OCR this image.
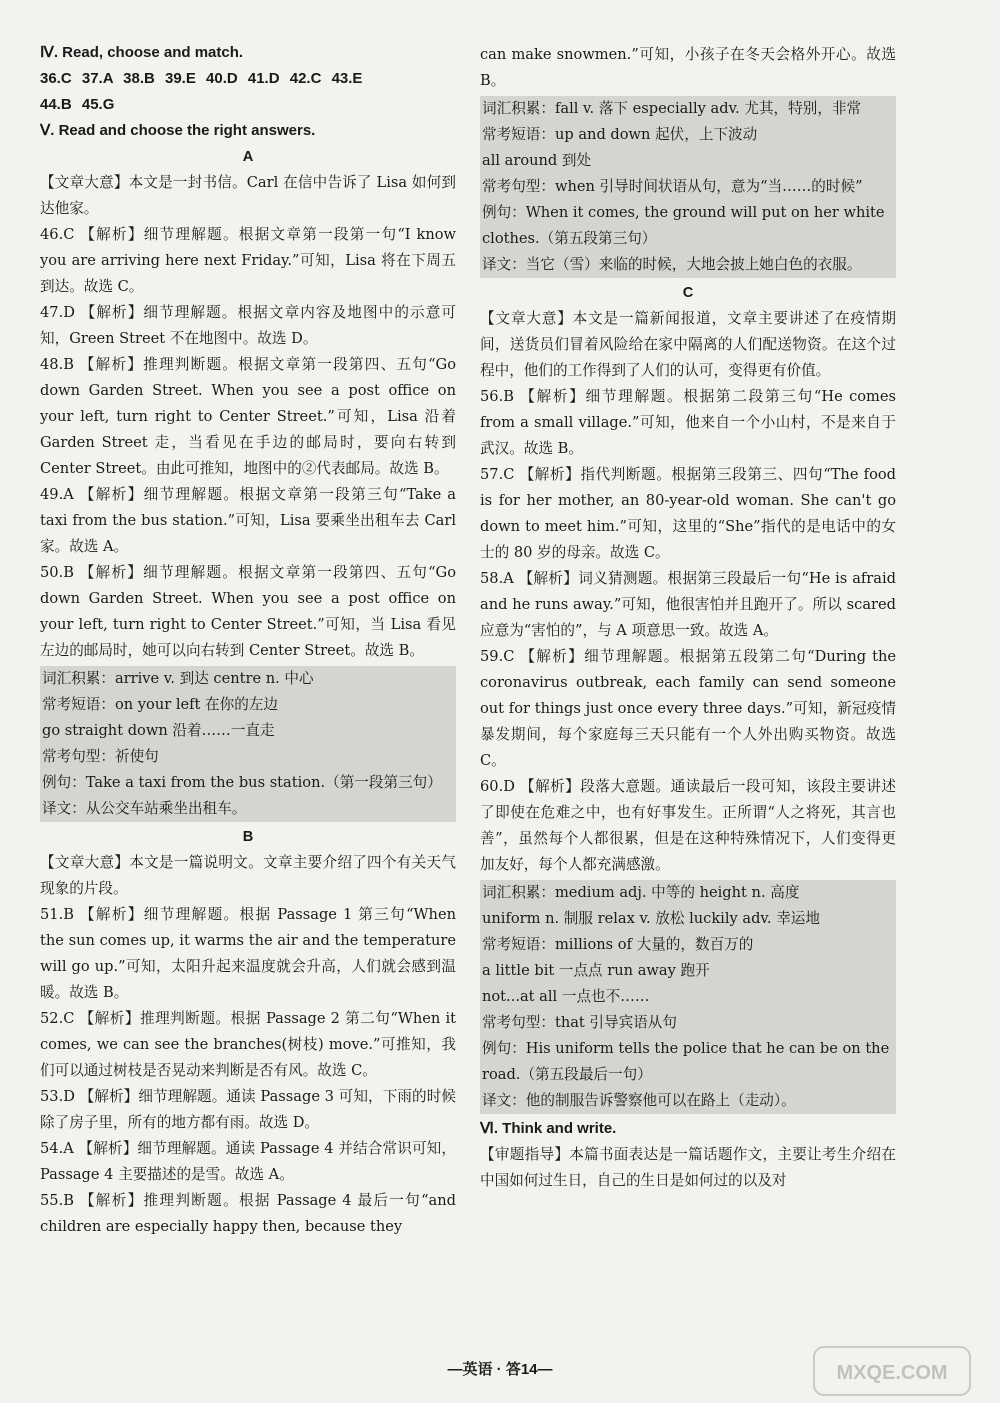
Ⅳ. Read, choose and match.
36.C 37.A 38.B 39.E 40.D 41.D 42.C 43.E
44.B 45.G
Ⅴ. Read and choose the right answers.
A

【文章大意】本文是一封书信。Carl 在信中告诉了 Lisa 如何到达他家。

46.C 【解析】细节理解题。根据文章第一段第一句“I know you are arriving here next Friday.”可知，Lisa 将在下周五到达。故选 C。

47.D 【解析】细节理解题。根据文章内容及地图中的示意可知，Green Street 不在地图中。故选 D。

48.B 【解析】推理判断题。根据文章第一段第四、五句“Go down Garden Street. When you see a post office on your left, turn right to Center Street.”可知，Lisa 沿着 Garden Street 走，当看见在手边的邮局时，要向右转到 Center Street。由此可推知，地图中的②代表邮局。故选 B。

49.A 【解析】细节理解题。根据文章第一段第三句“Take a taxi from the bus station.”可知，Lisa 要乘坐出租车去 Carl 家。故选 A。

50.B 【解析】细节理解题。根据文章第一段第四、五句“Go down Garden Street. When you see a post office on your left, turn right to Center Street.”可知，当 Lisa 看见左边的邮局时，她可以向右转到 Center Street。故选 B。

词汇积累：arrive v. 到达 centre n. 中心
常考短语：on your left 在你的左边
go straight down 沿着……一直走
常考句型：祈使句
例句：Take a taxi from the bus station.（第一段第三句）
译文：从公交车站乘坐出租车。
B

【文章大意】本文是一篇说明文。文章主要介绍了四个有关天气现象的片段。

51.B 【解析】细节理解题。根据 Passage 1 第三句“When the sun comes up, it warms the air and the temperature will go up.”可知，太阳升起来温度就会升高，人们就会感到温暖。故选 B。

52.C 【解析】推理判断题。根据 Passage 2 第二句“When it comes, we can see the branches(树枝) move.”可推知，我们可以通过树枝是否晃动来判断是否有风。故选 C。

53.D 【解析】细节理解题。通读 Passage 3 可知，下雨的时候除了房子里，所有的地方都有雨。故选 D。

54.A 【解析】细节理解题。通读 Passage 4 并结合常识可知，Passage 4 主要描述的是雪。故选 A。

55.B 【解析】推理判断题。根据 Passage 4 最后一句“and children are especially happy then, because they

can make snowmen.”可知，小孩子在冬天会格外开心。故选 B。

词汇积累：fall v. 落下 especially adv. 尤其，特别，非常
常考短语：up and down 起伏，上下波动
all around 到处
常考句型：when 引导时间状语从句，意为“当……的时候”
例句：When it comes, the ground will put on her white clothes.（第五段第三句）
译文：当它（雪）来临的时候，大地会披上她白色的衣服。
C

【文章大意】本文是一篇新闻报道，文章主要讲述了在疫情期间，送货员们冒着风险给在家中隔离的人们配送物资。在这个过程中，他们的工作得到了人们的认可，变得更有价值。

56.B 【解析】细节理解题。根据第二段第三句“He comes from a small village.”可知，他来自一个小山村，不是来自于武汉。故选 B。

57.C 【解析】指代判断题。根据第三段第三、四句“The food is for her mother, an 80-year-old woman. She can't go down to meet him.”可知，这里的“She”指代的是电话中的女士的 80 岁的母亲。故选 C。

58.A 【解析】词义猜测题。根据第三段最后一句“He is afraid and he runs away.”可知，他很害怕并且跑开了。所以 scared 应意为“害怕的”，与 A 项意思一致。故选 A。

59.C 【解析】细节理解题。根据第五段第二句“During the coronavirus outbreak, each family can send someone out for things just once every three days.”可知，新冠疫情暴发期间，每个家庭每三天只能有一个人外出购买物资。故选 C。

60.D 【解析】段落大意题。通读最后一段可知，该段主要讲述了即使在危难之中，也有好事发生。正所谓“人之将死，其言也善”，虽然每个人都很累，但是在这种特殊情况下，人们变得更加友好，每个人都充满感激。

词汇积累：medium adj. 中等的 height n. 高度
uniform n. 制服 relax v. 放松 luckily adv. 幸运地
常考短语：millions of 大量的，数百万的
a little bit 一点点 run away 跑开
not...at all 一点也不……
常考句型：that 引导宾语从句
例句：His uniform tells the police that he can be on the road.（第五段最后一句）
译文：他的制服告诉警察他可以在路上（走动）。
Ⅵ. Think and write.

【审题指导】本篇书面表达是一篇话题作文，主要让考生介绍在中国如何过生日，自己的生日是如何过的以及对

—英语 · 答14—	MXQE.COM
